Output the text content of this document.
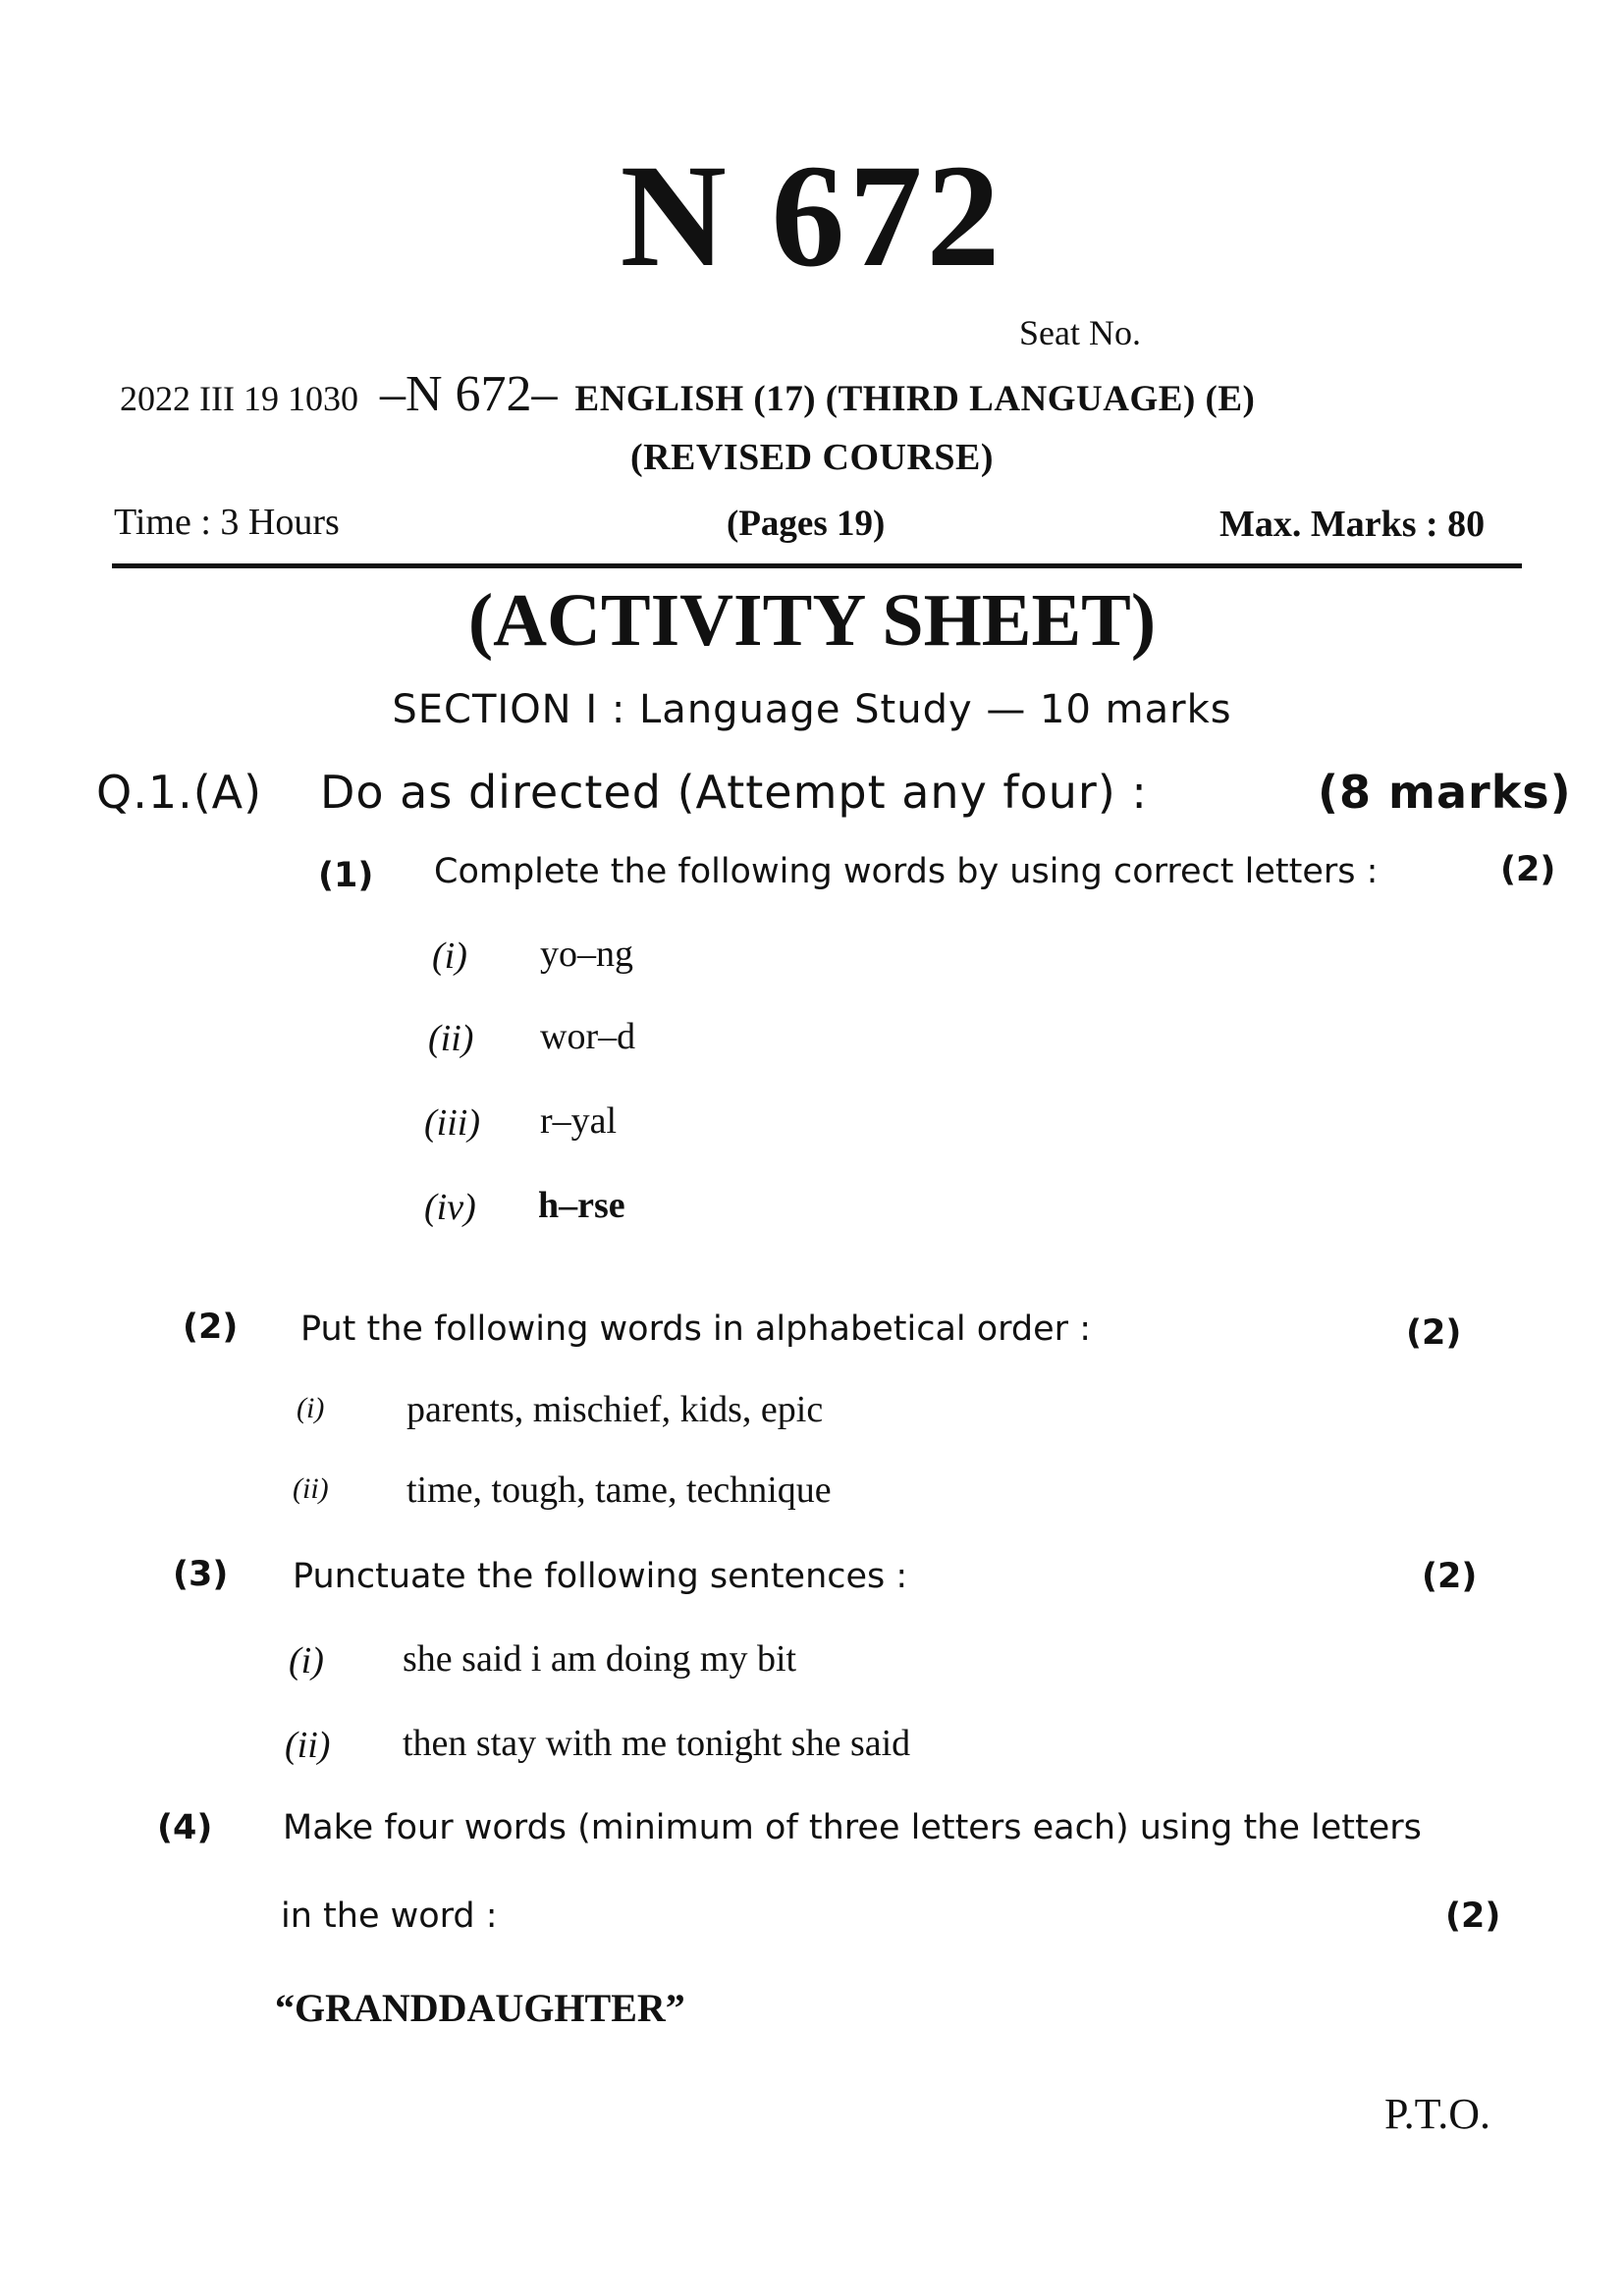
N 672
Seat No.
2022 III 19 1030 –N 672– ENGLISH (17) (THIRD LANGUAGE) (E)
(REVISED COURSE)
Time : 3 Hours	(Pages 19)	Max. Marks : 80
(ACTIVITY SHEET)
SECTION I : Language Study — 10 marks
Q.1.(A) Do as directed (Attempt any four) :	(8 marks)
(1) Complete the following words by using correct letters :	(2)
(i) yo–ng
(ii) wor–d
(iii) r–yal
(iv) h–rse
(2) Put the following words in alphabetical order :	(2)
(i) parents, mischief, kids, epic
(ii) time, tough, tame, technique
(3) Punctuate the following sentences :	(2)
(i) she said i am doing my bit
(ii) then stay with me tonight she said
(4) Make four words (minimum of three letters each) using the letters
in the word :	(2)
“GRANDDAUGHTER”
P.T.O.
